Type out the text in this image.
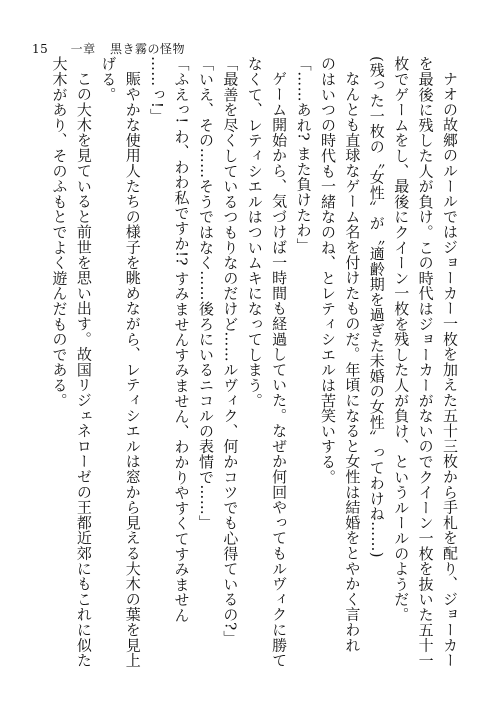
15 一章 黒き霧の怪物
ナオの故郷のルールではジョーカー一枚を加えた五十三枚から手札を配り、ジョーカー
を最後に残した人が負け。この時代はジョーカーがないのでクイーン一枚を抜いた五十一
枚でゲームをし、最後にクイーン一枚を残した人が負け、というルールのようだ。
(残った一枚の〝女性〟が〝適齢期を過ぎた未婚の女性〟ってわけね……)
なんとも直球なゲーム名を付けたものだ。年頃になると女性は結婚をとやかく言われ
のはいつの時代も一緒なのね、とレティシエルは苦笑いする。
「……あれ? また負けたわ」
ゲーム開始から、気づけば一時間も経過していた。なぜか何回やってもルヴィクに勝て
なくて、レティシエルはついムキになってしまう。
「最善を尽くしているつもりなのだけど……ルヴィク、何かコツでも心得ているの?」
「いえ、その……そうではなく……後ろにいるニコルの表情で……」
「ふえっ! わ、わわ私ですか!? すみませんすみません、わかりやすくてすみません
……っ!」
賑やかな使用人たちの様子を眺めながら、レティシエルは窓から見える大木の葉を見上
げる。
この大木を見ていると前世を思い出す。故国リジェネローゼの王都近郊にもこれに似た
大木があり、そのふもとでよく遊んだものである。
